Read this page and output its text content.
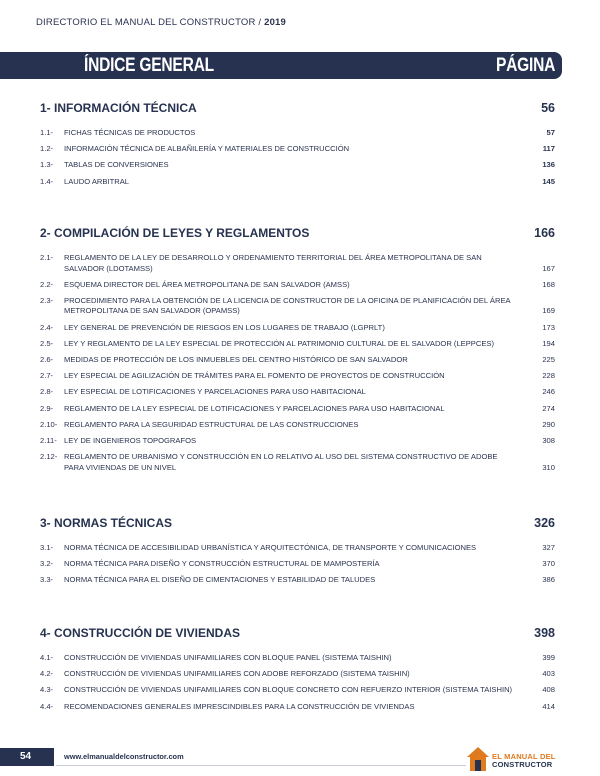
DIRECTORIO EL MANUAL DEL CONSTRUCTOR / 2019
ÍNDICE GENERAL	PÁGINA
1- INFORMACIÓN TÉCNICA	56
1.1-	FICHAS TÉCNICAS DE PRODUCTOS	57
1.2-	INFORMACIÓN TÉCNICA DE ALBAÑILERÍA Y MATERIALES DE CONSTRUCCIÓN	117
1.3-	TABLAS DE CONVERSIONES	136
1.4-	LAUDO ARBITRAL	145
2- COMPILACIÓN DE LEYES Y REGLAMENTOS	166
2.1-	REGLAMENTO DE LA LEY DE DESARROLLO Y ORDENAMIENTO TERRITORIAL DEL ÁREA METROPOLITANA DE SAN SALVADOR (LDOTAMSS)	167
2.2-	ESQUEMA DIRECTOR DEL ÁREA METROPOLITANA DE SAN SALVADOR (AMSS)	168
2.3-	PROCEDIMIENTO PARA LA OBTENCIÓN DE LA LICENCIA DE CONSTRUCTOR DE LA OFICINA DE PLANIFICACIÓN DEL ÁREA METROPOLITANA DE SAN SALVADOR (OPAMSS)	169
2.4-	LEY GENERAL DE PREVENCIÓN DE RIESGOS EN LOS LUGARES DE TRABAJO (LGPRLT)	173
2.5-	LEY Y REGLAMENTO DE LA LEY ESPECIAL DE PROTECCIÓN AL PATRIMONIO CULTURAL DE EL SALVADOR (LEPPCES)	194
2.6-	MEDIDAS DE PROTECCIÓN DE LOS INMUEBLES DEL CENTRO HISTÓRICO DE SAN SALVADOR	225
2.7-	LEY ESPECIAL DE AGILIZACIÓN DE TRÁMITES PARA EL FOMENTO DE PROYECTOS DE CONSTRUCCIÓN	228
2.8-	LEY ESPECIAL DE LOTIFICACIONES Y PARCELACIONES PARA USO HABITACIONAL	246
2.9-	REGLAMENTO DE LA LEY ESPECIAL DE LOTIFICACIONES Y PARCELACIONES PARA USO HABITACIONAL	274
2.10- REGLAMENTO PARA LA SEGURIDAD ESTRUCTURAL DE LAS CONSTRUCCIONES	290
2.11- LEY DE INGENIEROS TOPOGRAFOS	308
2.12- REGLAMENTO DE URBANISMO Y CONSTRUCCIÓN EN LO RELATIVO AL USO DEL SISTEMA CONSTRUCTIVO DE ADOBE PARA VIVIENDAS DE UN NIVEL	310
3- NORMAS TÉCNICAS	326
3.1-	NORMA TÉCNICA DE ACCESIBILIDAD URBANÍSTICA Y ARQUITECTÓNICA, DE TRANSPORTE Y COMUNICACIONES	327
3.2-	NORMA TÉCNICA PARA DISEÑO Y CONSTRUCCIÓN ESTRUCTURAL DE MAMPOSTERÍA	370
3.3-	NORMA TÉCNICA PARA EL DISEÑO DE CIMENTACIONES Y ESTABILIDAD DE TALUDES	386
4- CONSTRUCCIÓN DE VIVIENDAS	398
4.1-	CONSTRUCCIÓN DE VIVIENDAS UNIFAMILIARES CON BLOQUE PANEL (SISTEMA TAISHIN)	399
4.2-	CONSTRUCCIÓN DE VIVIENDAS UNIFAMILIARES CON ADOBE REFORZADO (SISTEMA TAISHIN)	403
4.3-	CONSTRUCCIÓN DE VIVIENDAS UNIFAMILIARES CON BLOQUE CONCRETO CON REFUERZO INTERIOR (SISTEMA TAISHIN)	408
4.4-	RECOMENDACIONES GENERALES IMPRESCINDIBLES PARA LA CONSTRUCCIÓN DE VIVIENDAS	414
54	www.elmanualdelconstructor.com	EL MANUAL DEL
CONSTRUCTOR
